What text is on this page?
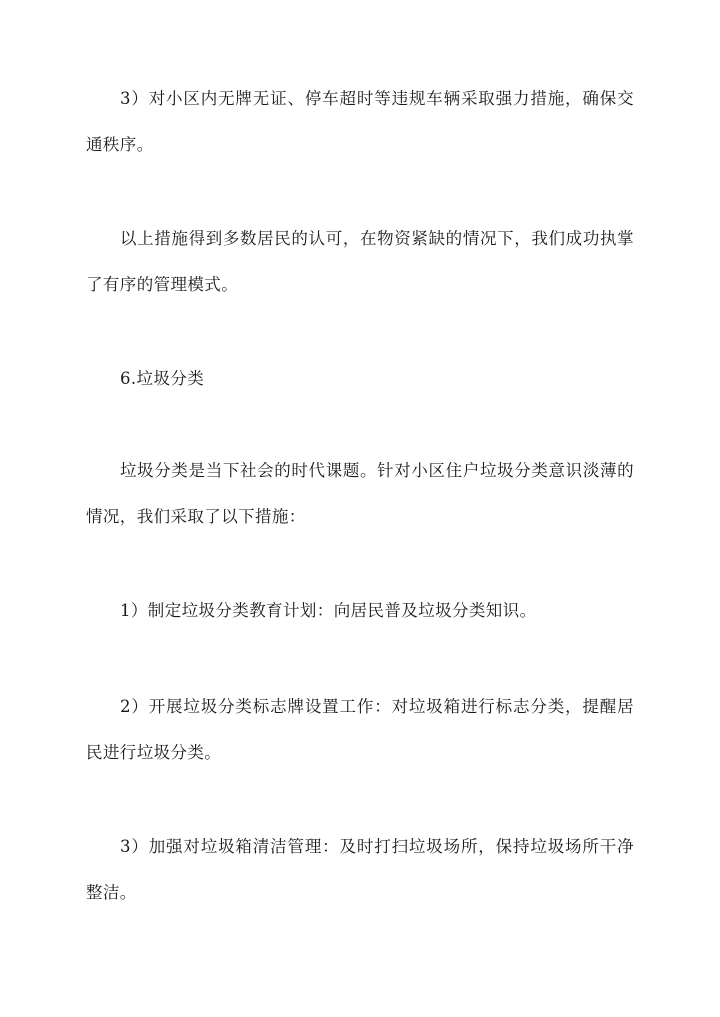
3）对小区内无牌无证、停车超时等违规车辆采取强力措施，确保交通秩序。

以上措施得到多数居民的认可，在物资紧缺的情况下，我们成功执掌了有序的管理模式。

6.垃圾分类

垃圾分类是当下社会的时代课题。针对小区住户垃圾分类意识淡薄的情况，我们采取了以下措施：

1）制定垃圾分类教育计划：向居民普及垃圾分类知识。

2）开展垃圾分类标志牌设置工作：对垃圾箱进行标志分类，提醒居民进行垃圾分类。

3）加强对垃圾箱清洁管理：及时打扫垃圾场所，保持垃圾场所干净整洁。
